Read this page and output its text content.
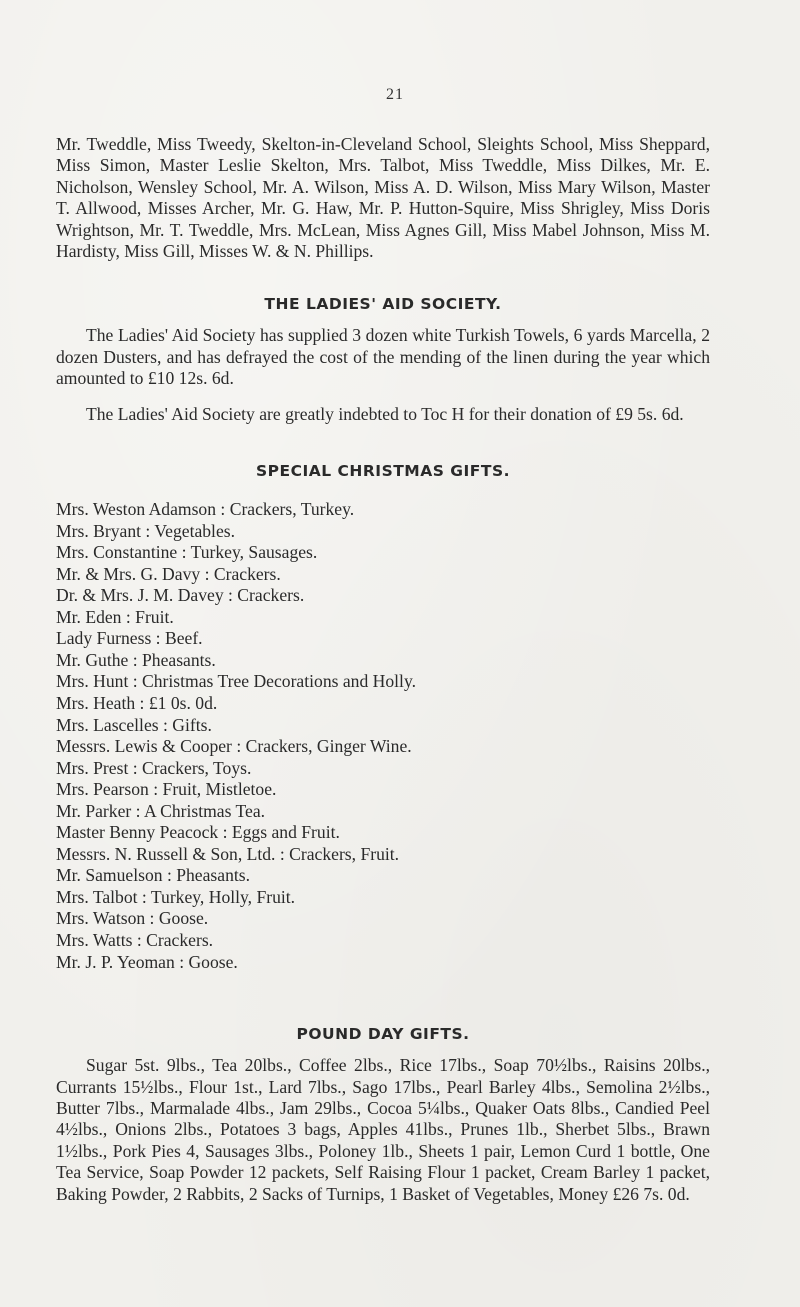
21

Mr. Tweddle, Miss Tweedy, Skelton-in-Cleveland School, Sleights School, Miss Sheppard, Miss Simon, Master Leslie Skelton, Mrs. Talbot, Miss Tweddle, Miss Dilkes, Mr. E. Nicholson, Wensley School, Mr. A. Wilson, Miss A. D. Wilson, Miss Mary Wilson, Master T. Allwood, Misses Archer, Mr. G. Haw, Mr. P. Hutton-Squire, Miss Shrigley, Miss Doris Wrightson, Mr. T. Tweddle, Mrs. McLean, Miss Agnes Gill, Miss Mabel Johnson, Miss M. Hardisty, Miss Gill, Misses W. & N. Phillips.

THE LADIES' AID SOCIETY.

The Ladies' Aid Society has supplied 3 dozen white Turkish Towels, 6 yards Marcella, 2 dozen Dusters, and has defrayed the cost of the mending of the linen during the year which amounted to £10 12s. 6d.

The Ladies' Aid Society are greatly indebted to Toc H for their donation of £9 5s. 6d.

SPECIAL CHRISTMAS GIFTS.
Mrs. Weston Adamson : Crackers, Turkey.
Mrs. Bryant : Vegetables.
Mrs. Constantine : Turkey, Sausages.
Mr. & Mrs. G. Davy : Crackers.
Dr. & Mrs. J. M. Davey : Crackers.
Mr. Eden : Fruit.
Lady Furness : Beef.
Mr. Guthe : Pheasants.
Mrs. Hunt : Christmas Tree Decorations and Holly.
Mrs. Heath : £1 0s. 0d.
Mrs. Lascelles : Gifts.
Messrs. Lewis & Cooper : Crackers, Ginger Wine.
Mrs. Prest : Crackers, Toys.
Mrs. Pearson : Fruit, Mistletoe.
Mr. Parker : A Christmas Tea.
Master Benny Peacock : Eggs and Fruit.
Messrs. N. Russell & Son, Ltd. : Crackers, Fruit.
Mr. Samuelson : Pheasants.
Mrs. Talbot : Turkey, Holly, Fruit.
Mrs. Watson : Goose.
Mrs. Watts : Crackers.
Mr. J. P. Yeoman : Goose.
POUND DAY GIFTS.

Sugar 5st. 9lbs., Tea 20lbs., Coffee 2lbs., Rice 17lbs., Soap 70½lbs., Raisins 20lbs., Currants 15½lbs., Flour 1st., Lard 7lbs., Sago 17lbs., Pearl Barley 4lbs., Semolina 2½lbs., Butter 7lbs., Marmalade 4lbs., Jam 29lbs., Cocoa 5¼lbs., Quaker Oats 8lbs., Candied Peel 4½lbs., Onions 2lbs., Potatoes 3 bags, Apples 41lbs., Prunes 1lb., Sherbet 5lbs., Brawn 1½lbs., Pork Pies 4, Sausages 3lbs., Poloney 1lb., Sheets 1 pair, Lemon Curd 1 bottle, One Tea Service, Soap Powder 12 packets, Self Raising Flour 1 packet, Cream Barley 1 packet, Baking Powder, 2 Rabbits, 2 Sacks of Turnips, 1 Basket of Vegetables, Money £26 7s. 0d.
